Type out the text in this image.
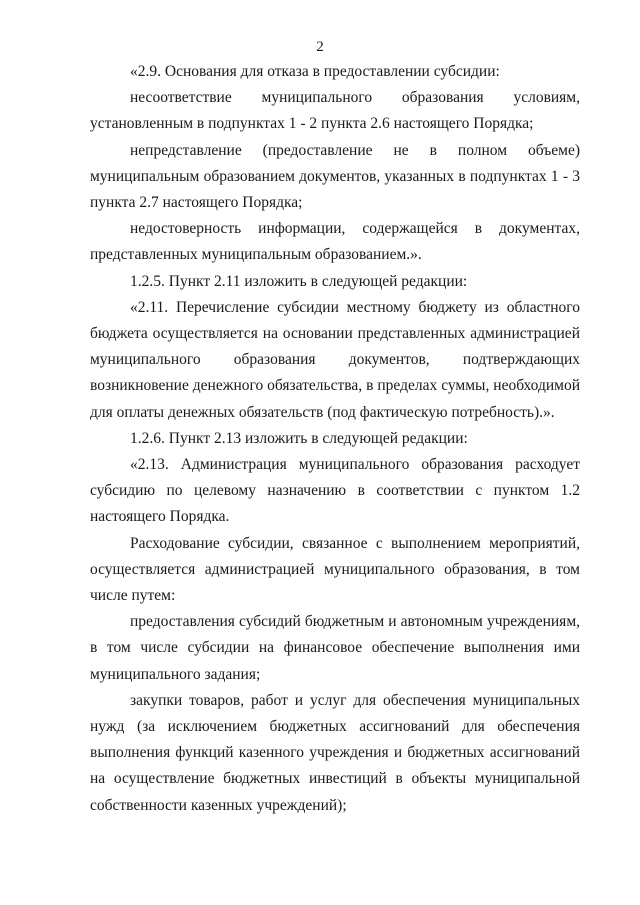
2

«2.9. Основания для отказа в предоставлении субсидии:

несоответствие муниципального образования условиям, установленным в подпунктах 1 - 2 пункта 2.6 настоящего Порядка;

непредставление (предоставление не в полном объеме) муниципальным образованием документов, указанных в подпунктах 1 - 3 пункта 2.7 настоящего Порядка;

недостоверность информации, содержащейся в документах, представленных муниципальным образованием.».

1.2.5. Пункт 2.11 изложить в следующей редакции:

«2.11. Перечисление субсидии местному бюджету из областного бюджета осуществляется на основании представленных администрацией муниципального образования документов, подтверждающих возникновение денежного обязательства, в пределах суммы, необходимой для оплаты денежных обязательств (под фактическую потребность).».

1.2.6. Пункт 2.13 изложить в следующей редакции:

«2.13. Администрация муниципального образования расходует субсидию по целевому назначению в соответствии с пунктом 1.2 настоящего Порядка.

Расходование субсидии, связанное с выполнением мероприятий, осуществляется администрацией муниципального образования, в том числе путем:

предоставления субсидий бюджетным и автономным учреждениям, в том числе субсидии на финансовое обеспечение выполнения ими муниципального задания;

закупки товаров, работ и услуг для обеспечения муниципальных нужд (за исключением бюджетных ассигнований для обеспечения выполнения функций казенного учреждения и бюджетных ассигнований на осуществление бюджетных инвестиций в объекты муниципальной собственности казенных учреждений);
